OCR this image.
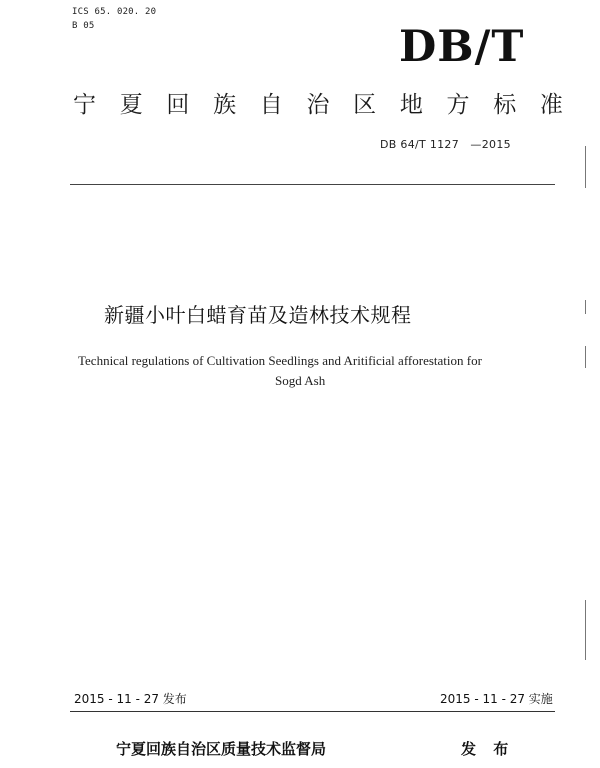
ICS 65. 020. 20
B 05	DB/T
宁 夏 回 族 自 治 区 地 方 标 准
DB 64/T 1127   —2015
新疆小叶白蜡育苗及造林技术规程
Technical regulations of Cultivation Seedlings and Aritificial afforestation for
Sogd Ash
2015 - 11 - 27 发布	2015 - 11 - 27 实施
宁夏回族自治区质量技术监督局	发 布
